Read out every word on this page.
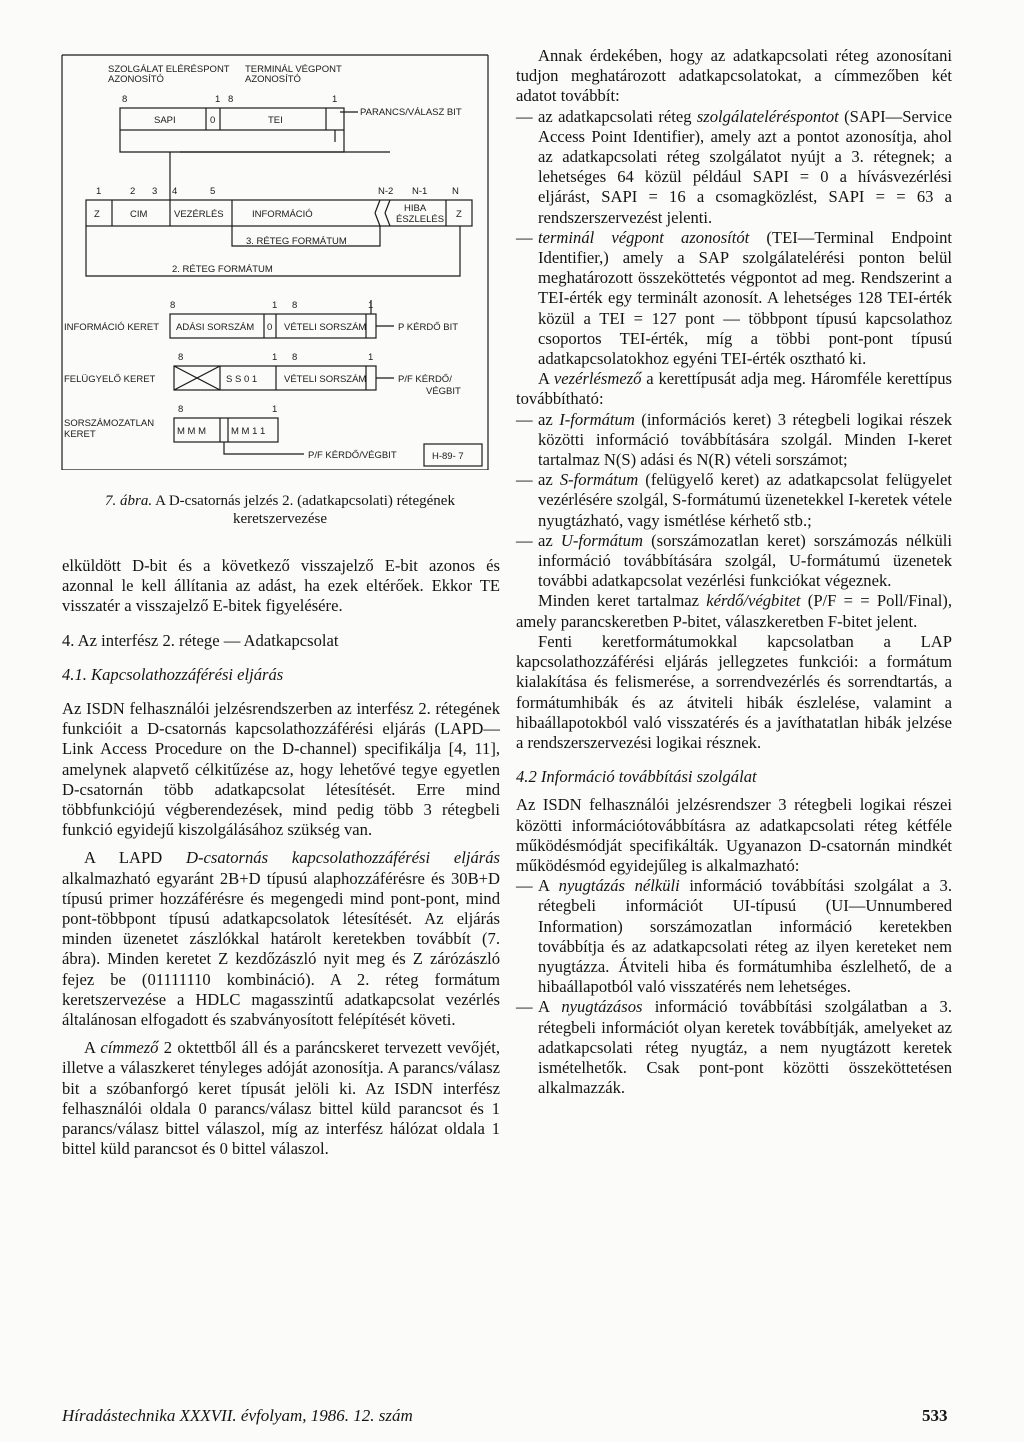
SZOLGÁLAT ELÉRÉSPONT
AZONOSÍTÓ
TERMINÁL VÉGPONT
AZONOSÍTÓ
8	1 8	1
SAPI	0	TEI
PARANCS/VÁLASZ BIT
1	2 3 4	5	N-2 N-1	N
Z	CIM	VEZÉRLÉS	INFORMÁCIÓ
HIBA
ÉSZLELÉS Z
3. RÉTEG FORMÁTUM
2. RÉTEG FORMÁTUM
8	1 8	1
INFORMÁCIÓ KERET ADÁSI SORSZÁM 0 VÉTELI SORSZÁM	P KÉRDŐ BIT
8	1 8	1
FELÜGYELŐ KERET	S S 0 1	VÉTELI SORSZÁM	P/F KÉRDŐ/
VÉGBIT
8	1
SORSZÁMOZATLAN
KERET	M M M	M M 1 1
P/F KÉRDŐ/VÉGBIT	H-89- 7
7. ábra. A D-csatornás jelzés 2. (adatkapcsolati) rétegének keretszervezése

elküldött D-bit és a következő visszajelző E-bit azonos és azonnal le kell állítania az adást, ha ezek eltérőek. Ekkor TE visszatér a visszajelző E-bitek figyelésére.

4. Az interfész 2. rétege — Adatkapcsolat
4.1. Kapcsolathozzáférési eljárás

Az ISDN felhasználói jelzésrendszerben az interfész 2. rétegének funkcióit a D-csatornás kapcsolathozzáférési eljárás (LAPD—Link Access Procedure on the D-channel) specifikálja [4, 11], amelynek alapvető célkitűzése az, hogy lehetővé tegye egyetlen D-csatornán több adatkapcsolat létesítését. Erre mind többfunkciójú végberendezések, mind pedig több 3 rétegbeli funkció egyidejű kiszolgálásához szükség van.

A LAPD D-csatornás kapcsolathozzáférési eljárás alkalmazható egyaránt 2B+D típusú alaphozzáférésre és 30B+D típusú primer hozzáférésre és megengedi mind pont-pont, mind pont-többpont típusú adatkapcsolatok létesítését. Az eljárás minden üzenetet zászlókkal határolt keretekben továbbít (7. ábra). Minden keretet Z kezdőzászló nyit meg és Z zárózászló fejez be (01111110 kombináció). A 2. réteg formátum keretszervezése a HDLC magasszintű adatkapcsolat vezérlés általánosan elfogadott és szabványosított felépítését követi.

A címmező 2 oktettből áll és a paráncskeret tervezett vevőjét, illetve a válaszkeret tényleges adóját azonosítja. A parancs/válasz bit a szóbanforgó keret típusát jelöli ki. Az ISDN interfész felhasználói oldala 0 parancs/válasz bittel küld parancsot és 1 parancs/válasz bittel válaszol, míg az interfész hálózat oldala 1 bittel küld parancsot és 0 bittel válaszol.

Annak érdekében, hogy az adatkapcsolati réteg azonosítani tudjon meghatározott adatkapcsolatokat, a címmezőben két adatot továbbít:

— az adatkapcsolati réteg szolgálateléréspontot (SAPI—Service Access Point Identifier), amely azt a pontot azonosítja, ahol az adatkapcsolati réteg szolgálatot nyújt a 3. rétegnek; a lehetséges 64 közül például SAPI = 0 a hívásvezérlési eljárást, SAPI = 16 a csomagközlést, SAPI = = 63 a rendszerszervezést jelenti.

— terminál végpont azonosítót (TEI—Terminal Endpoint Identifier,) amely a SAP szolgálatelérési ponton belül meghatározott összeköttetés végpontot ad meg. Rendszerint a TEI-érték egy terminált azonosít. A lehetséges 128 TEI-érték közül a TEI = 127 pont — többpont típusú kapcsolathoz csoportos TEI-érték, míg a többi pont-pont típusú adatkapcsolatokhoz egyéni TEI-érték osztható ki.

A vezérlésmező a kerettípusát adja meg. Háromféle kerettípus továbbítható:

— az I-formátum (információs keret) 3 rétegbeli logikai részek közötti információ továbbítására szolgál. Minden I-keret tartalmaz N(S) adási és N(R) vételi sorszámot;

— az S-formátum (felügyelő keret) az adatkapcsolat felügyelet vezérlésére szolgál, S-formátumú üzenetekkel I-keretek vétele nyugtázható, vagy ismétlése kérhető stb.;

— az U-formátum (sorszámozatlan keret) sorszámozás nélküli információ továbbítására szolgál, U-formátumú üzenetek további adatkapcsolat vezérlési funkciókat végeznek.

Minden keret tartalmaz kérdő/végbitet (P/F = = Poll/Final), amely parancskeretben P-bitet, válaszkeretben F-bitet jelent.

Fenti keretformátumokkal kapcsolatban a LAP kapcsolathozzáférési eljárás jellegzetes funkciói: a formátum kialakítása és felismerése, a sorrendvezérlés és sorrendtartás, a formátumhibák és az átviteli hibák észlelése, valamint a hibaállapotokból való visszatérés és a javíthatatlan hibák jelzése a rendszerszervezési logikai résznek.

4.2 Információ továbbítási szolgálat

Az ISDN felhasználói jelzésrendszer 3 rétegbeli logikai részei közötti információtovábbításra az adatkapcsolati réteg kétféle működésmódját specifikálták. Ugyanazon D-csatornán mindkét működésmód egyidejűleg is alkalmazható:

— A nyugtázás nélküli információ továbbítási szolgálat a 3. rétegbeli információt UI-típusú (UI—Unnumbered Information) sorszámozatlan információ keretekben továbbítja és az adatkapcsolati réteg az ilyen kereteket nem nyugtázza. Átviteli hiba és formátumhiba észlelhető, de a hibaállapotból való visszatérés nem lehetséges.

— A nyugtázásos információ továbbítási szolgálatban a 3. rétegbeli információt olyan keretek továbbítják, amelyeket az adatkapcsolati réteg nyugtáz, a nem nyugtázott keretek ismételhetők. Csak pont-pont közötti összeköttetésen alkalmazzák.

Híradástechnika XXXVII. évfolyam, 1986. 12. szám	533
